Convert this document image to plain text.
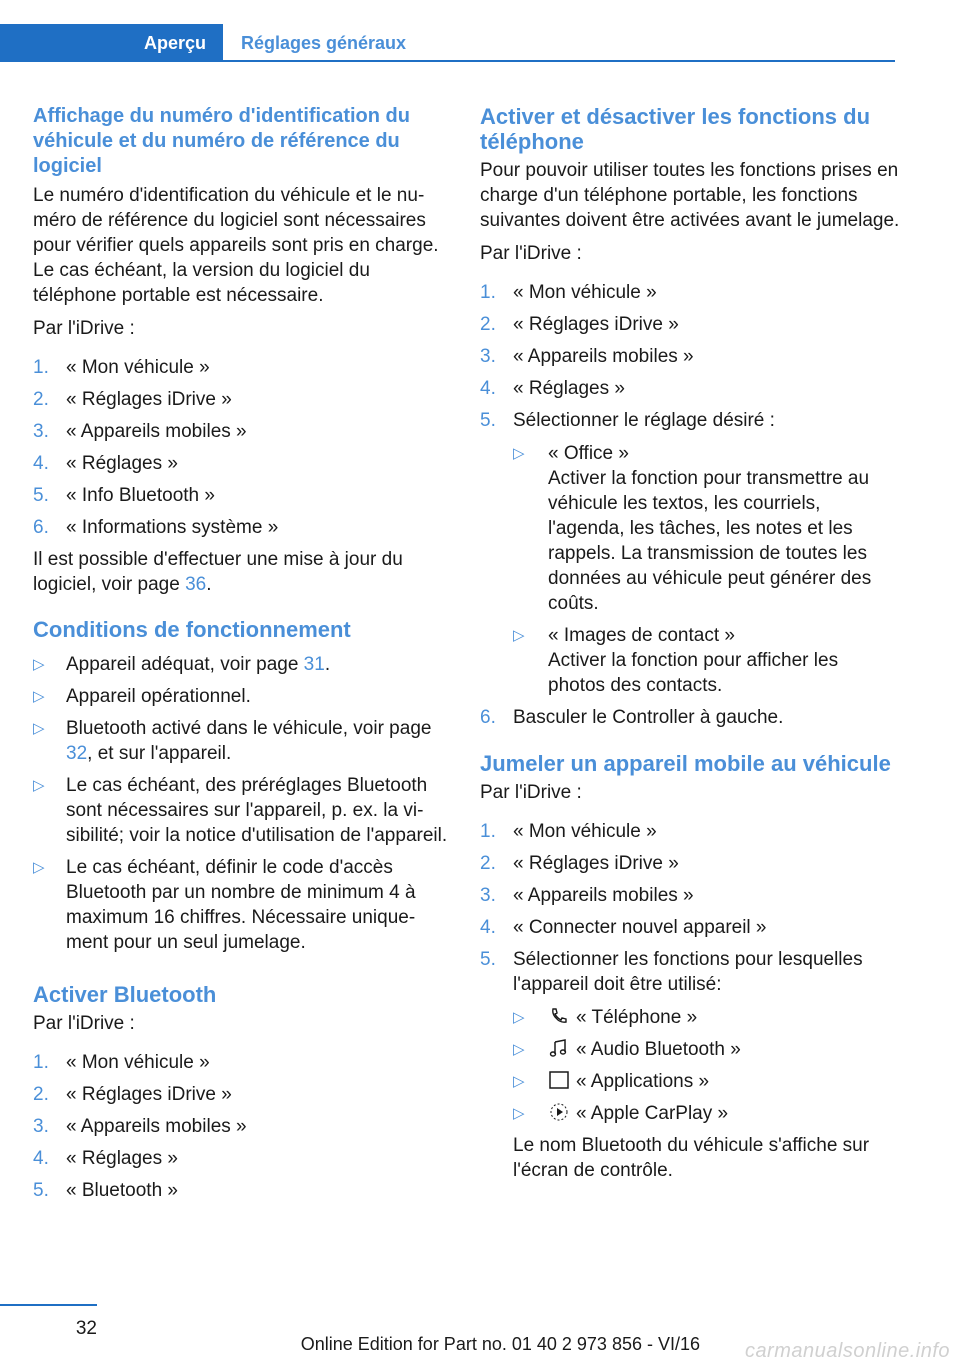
Aperçu	Réglages généraux
Affichage du numéro d'identification du véhicule et du numéro de référence du logiciel

Le numéro d'identification du véhicule et le numéro de référence du logiciel sont nécessaires pour vérifier quels appareils sont pris en charge. Le cas échéant, la version du logiciel du téléphone portable est nécessaire.

Par l'iDrive :

1. « Mon véhicule »
2. « Réglages iDrive »
3. « Appareils mobiles »
4. « Réglages »
5. « Info Bluetooth »
6. « Informations système »

Il est possible d'effectuer une mise à jour du logiciel, voir page 36.

Conditions de fonctionnement
▷	Appareil adéquat, voir page 31.
▷	Appareil opérationnel.
▷	Bluetooth activé dans le véhicule, voir page 32, et sur l'appareil.
▷	Le cas échéant, des préréglages Bluetooth sont nécessaires sur l'appareil, p. ex. la visibilité; voir la notice d'utilisation de l'appareil.
▷	Le cas échéant, définir le code d'accès Bluetooth par un nombre de minimum 4 à maximum 16 chiffres. Nécessaire uniquement pour un seul jumelage.
Activer Bluetooth

Par l'iDrive :

1. « Mon véhicule »
2. « Réglages iDrive »
3. « Appareils mobiles »
4. « Réglages »
5. « Bluetooth »
Activer et désactiver les fonctions du téléphone

Pour pouvoir utiliser toutes les fonctions prises en charge d'un téléphone portable, les fonctions suivantes doivent être activées avant le jumelage.

Par l'iDrive :

1. « Mon véhicule »
2. « Réglages iDrive »
3. « Appareils mobiles »
4. « Réglages »
5. Sélectionner le réglage désiré :
▷	« Office »

Activer la fonction pour transmettre au véhicule les textos, les courriels, l'agenda, les tâches, les notes et les rappels. La transmission de toutes les données au véhicule peut générer des coûts.

▷	« Images de contact »

Activer la fonction pour afficher les photos des contacts.

6. Basculer le Controller à gauche.
Jumeler un appareil mobile au véhicule

Par l'iDrive :

1. « Mon véhicule »
2. « Réglages iDrive »
3. « Appareils mobiles »
4. « Connecter nouvel appareil »
5. Sélectionner les fonctions pour lesquelles l'appareil doit être utilisé:
▷	« Téléphone »
▷	« Audio Bluetooth »
▷	« Applications »
▷	« Apple CarPlay »

Le nom Bluetooth du véhicule s'affiche sur l'écran de contrôle.

32
carmanualsonline.info
Online Edition for Part no. 01 40 2 973 856 - VI/16
